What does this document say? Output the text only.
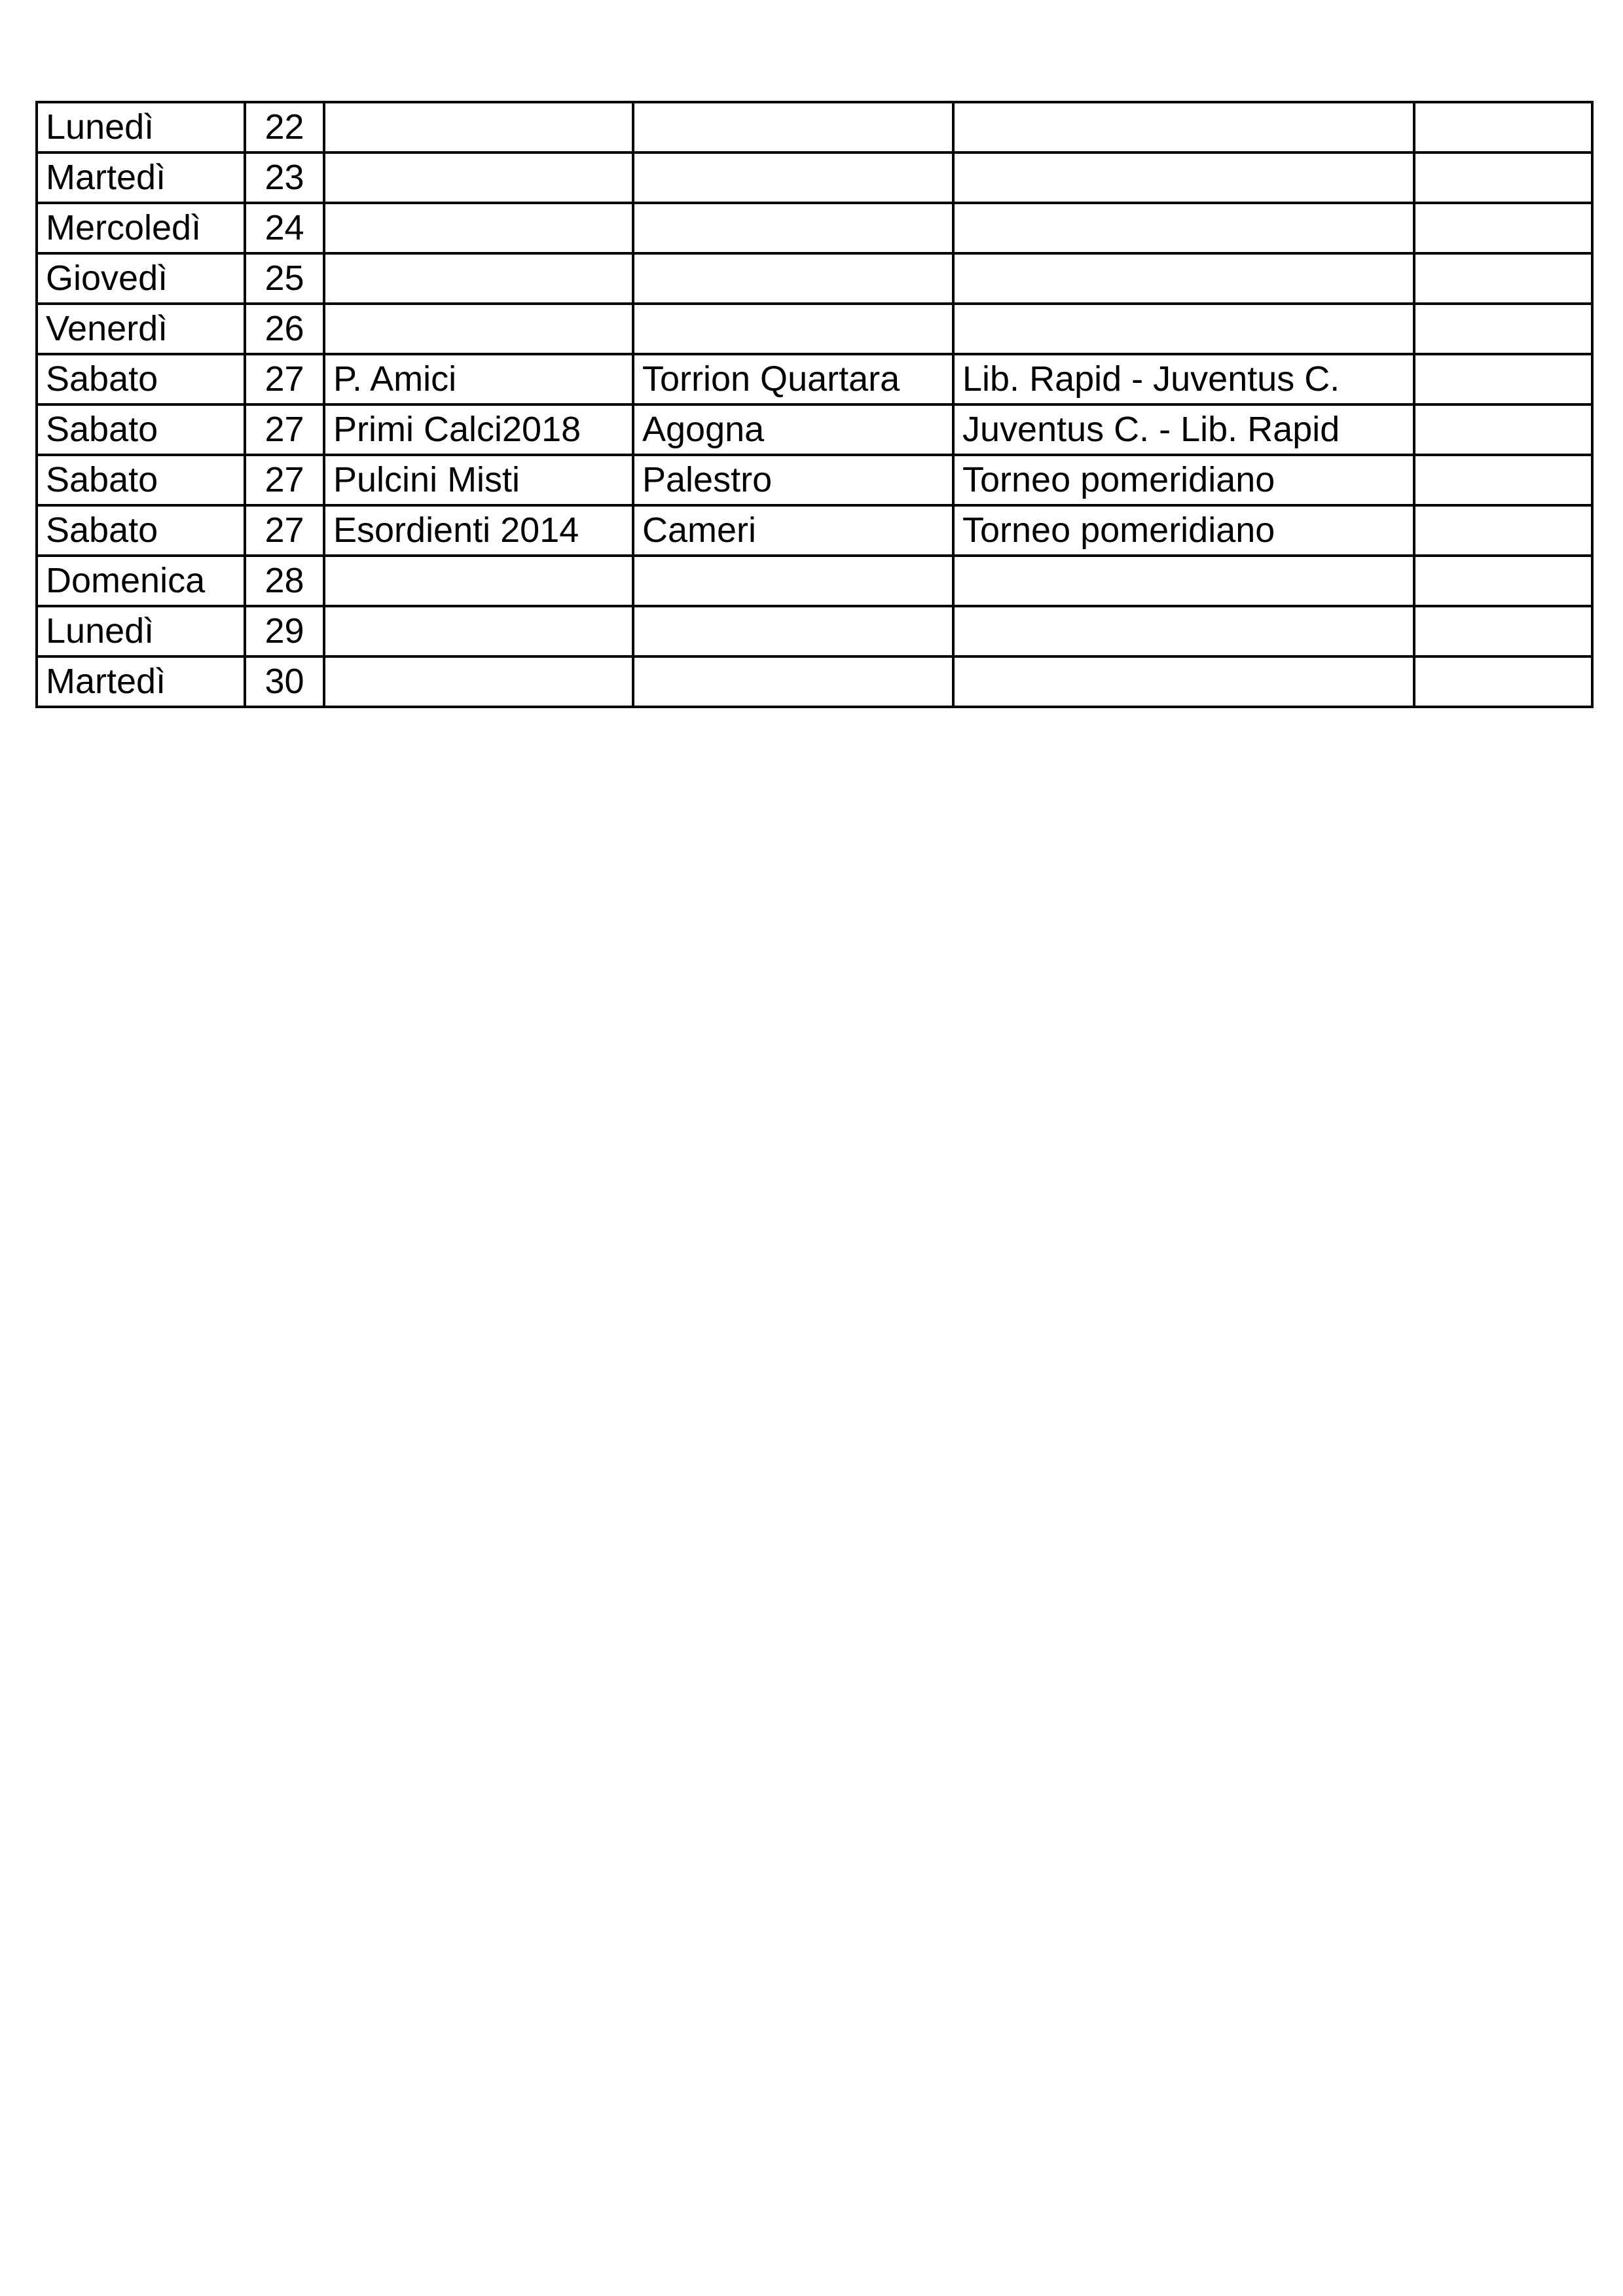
Lunedì	22				
Martedì	23				
Mercoledì	24				
Giovedì	25				
Venerdì	26				
Sabato	27	P. Amici	Torrion Quartara	Lib. Rapid - Juventus C.	
Sabato	27	Primi Calci2018	Agogna	Juventus C. - Lib. Rapid	
Sabato	27	Pulcini Misti	Palestro	Torneo pomeridiano	
Sabato	27	Esordienti 2014	Cameri	Torneo pomeridiano	
Domenica	28				
Lunedì	29				
Martedì	30				
